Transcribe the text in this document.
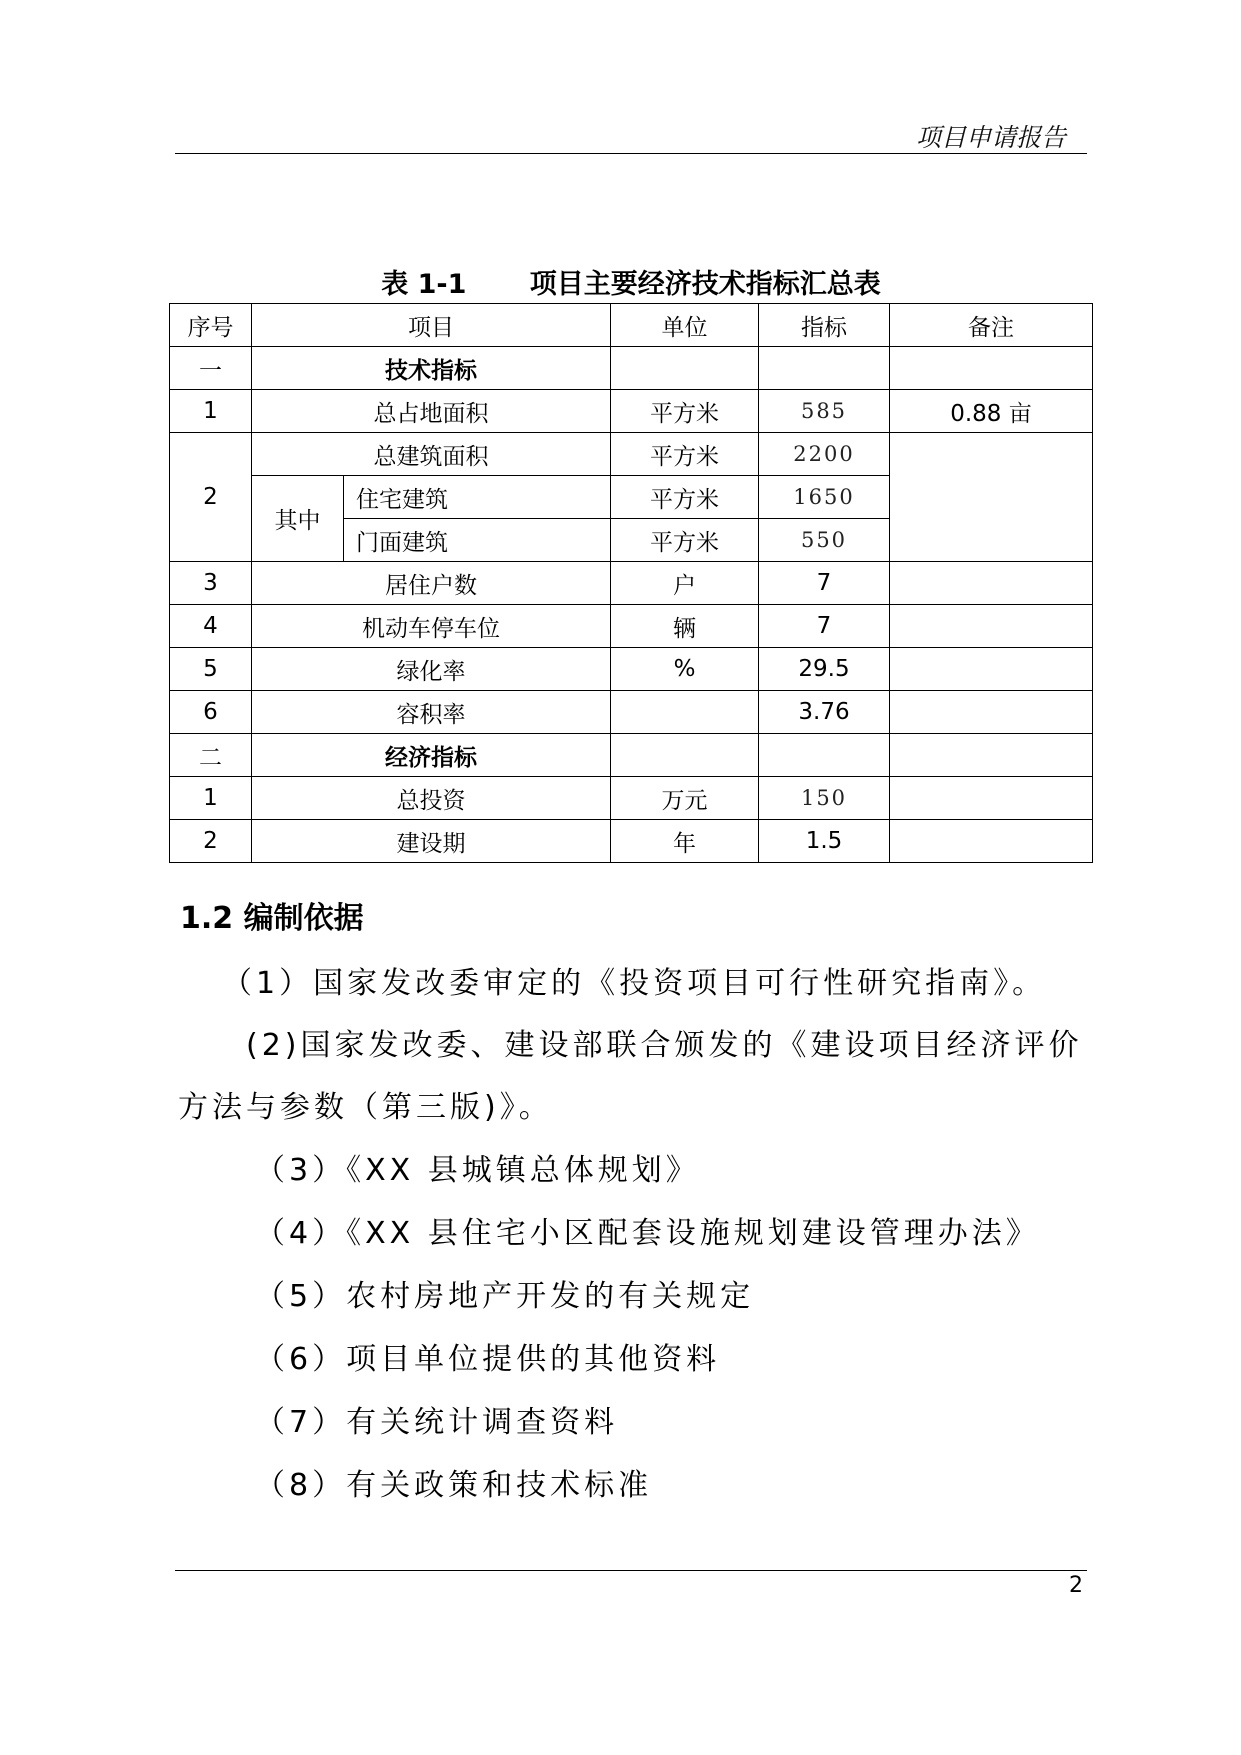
项目申请报告
表 1-1　　 项目主要经济技术指标汇总表
序号	项目		单位	指标	备注
一	技术指标				
1	总占地面积		平方米	585	0.88 亩
2	总建筑面积		平方米	2200	
	其中	住宅建筑	平方米	1650	
		门面建筑	平方米	550	
3	居住户数		户	7	
4	机动车停车位		辆	7	
5	绿化率		%	29.5	
6	容积率			3.76	
二	经济指标				
1	总投资		万元	150	
2	建设期		年	1.5	
1.2 编制依据
（1）国家发改委审定的《投资项目可行性研究指南》。
(2)国家发改委、建设部联合颁发的《建设项目经济评价
方法与参数（第三版)》。
（3）《XX 县城镇总体规划》
（4）《XX 县住宅小区配套设施规划建设管理办法》
（5）农村房地产开发的有关规定
（6）项目单位提供的其他资料
（7）有关统计调查资料
（8）有关政策和技术标准
2
